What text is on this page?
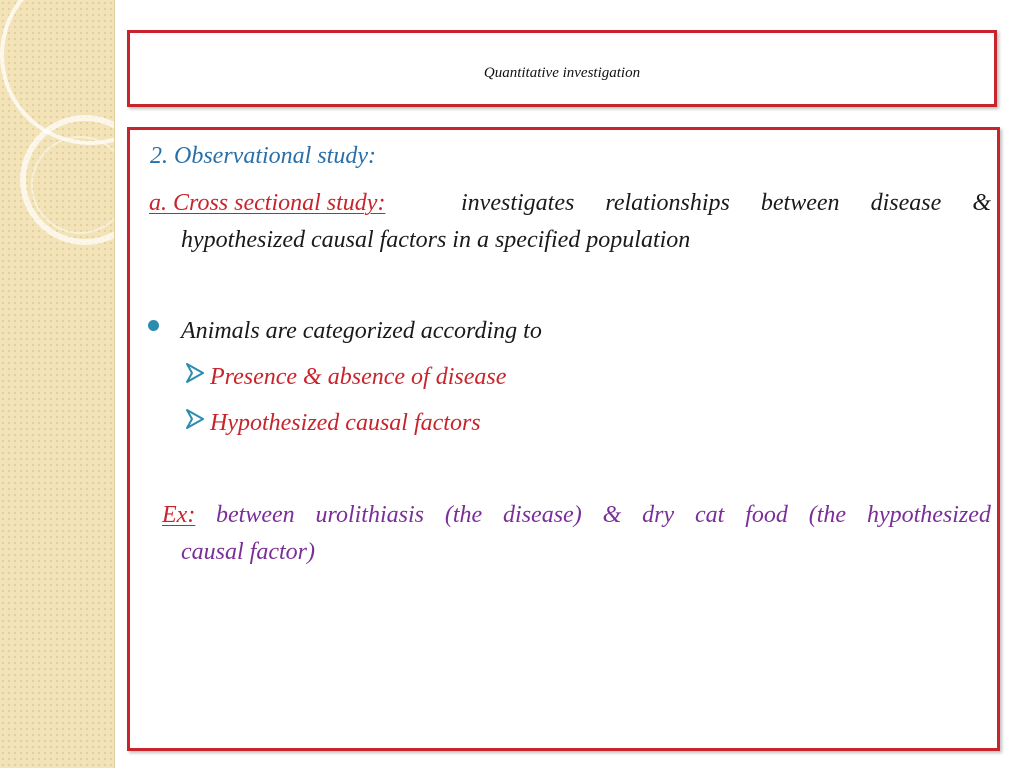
Quantitative investigation
2. Observational study:
a. Cross sectional study:	investigates relationships between disease &
hypothesized causal factors in a specified population
Animals are categorized according to
Presence & absence of disease
Hypothesized causal factors
Ex: between urolithiasis (the disease) & dry cat food (the hypothesized
causal factor)
